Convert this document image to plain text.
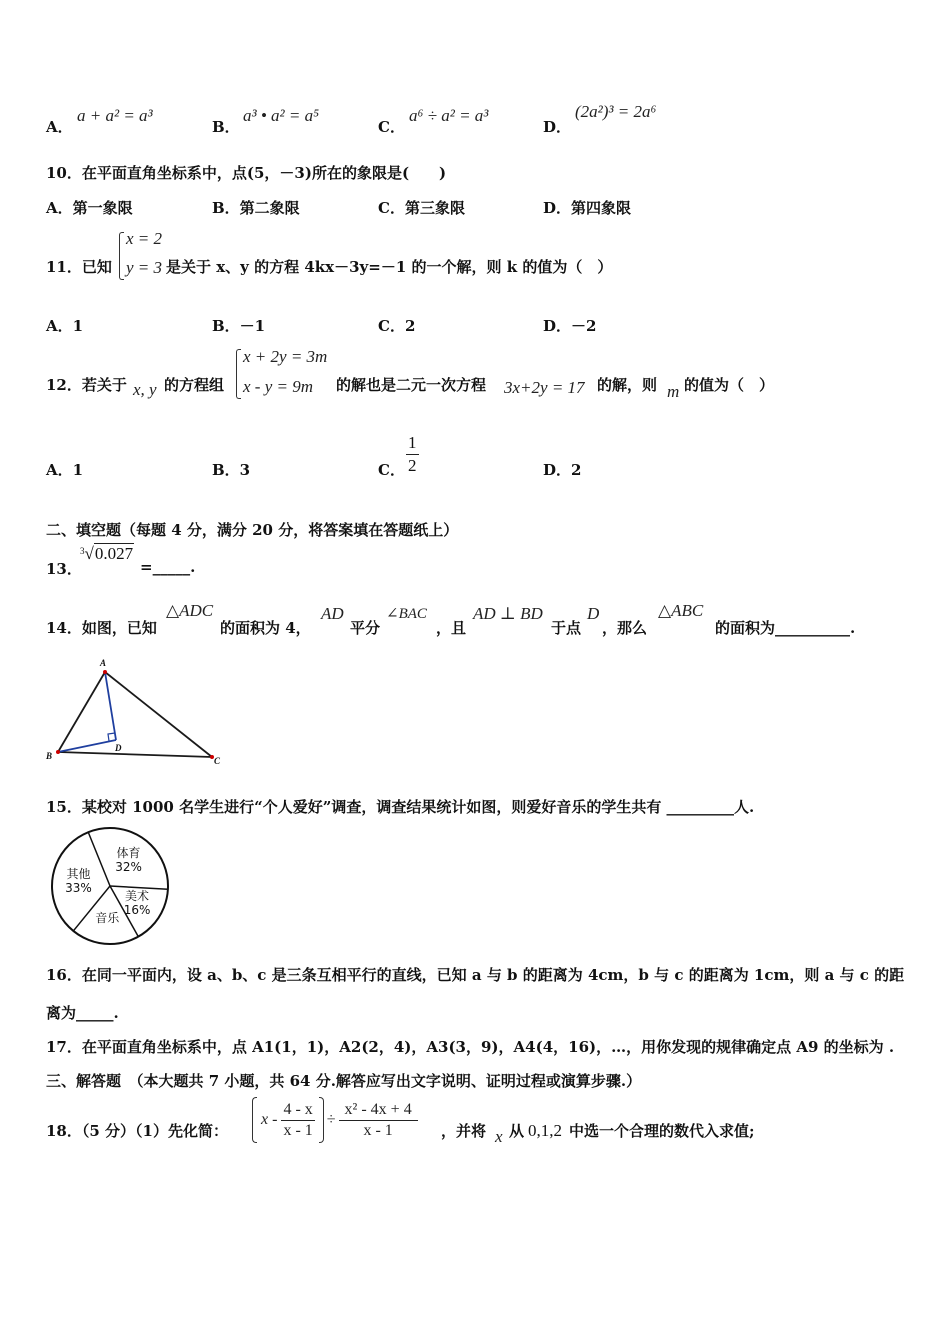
A．
a + a² = a³
B．
a³ • a² = a⁵
C．
a⁶ ÷ a² = a³
D．
(2a²)³ = 2a⁶
10．在平面直角坐标系中，点(5，－3)所在的象限是(　　)
A．第一象限	B．第二象限	C．第三象限	D．第四象限
11．已知
x = 2
y = 3 是关于 x、y 的方程 4kx－3y=－1 的一个解，则 k 的值为（　）
A．1	B．－1	C．2	D．－2
12．若关于 x, y 的方程组
x + 2y = 3m
x - y = 9m 的解也是二元一次方程 3x+2y = 17 的解，则 m 的值为（　）
A．1	B．3	C． $\frac{1}{2}$	D．2
二、填空题（每题 4 分，满分 20 分，将答案填在答题纸上）
13．
$^3$√0.027
=_____.
14．如图，已知
△ADC
的面积为 4，
AD
平分
∠BAC
，且
AD ⊥ BD
于点
D
，那么
△ABC
的面积为__________.
A
B	C
D
15．某校对 1000 名学生进行“个人爱好”调查，调查结果统计如图，则爱好音乐的学生共有 _________人.
体育
32%
美术
16%
音乐
其他
33%
16．在同一平面内，设 a、b、c 是三条互相平行的直线，已知 a 与 b 的距离为 4cm，b 与 c 的距离为 1cm，则 a 与 c 的距
离为_____.
17．在平面直角坐标系中，点 A1(1，1)，A2(2，4)，A3(3，9)，A4(4，16)，…，用你发现的规律确定点 A9 的坐标为 .
三、解答题　（本大题共 7 小题，共 64 分.解答应写出文字说明、证明过程或演算步骤.）
18．（5 分）（1）先化简：
$x - \frac{4 - x}{x - 1} \div \frac{\text{x² - 4x + 4}}{x - 1}$ ，并将 x 从 0,1,2 中选一个合理的数代入求值;
